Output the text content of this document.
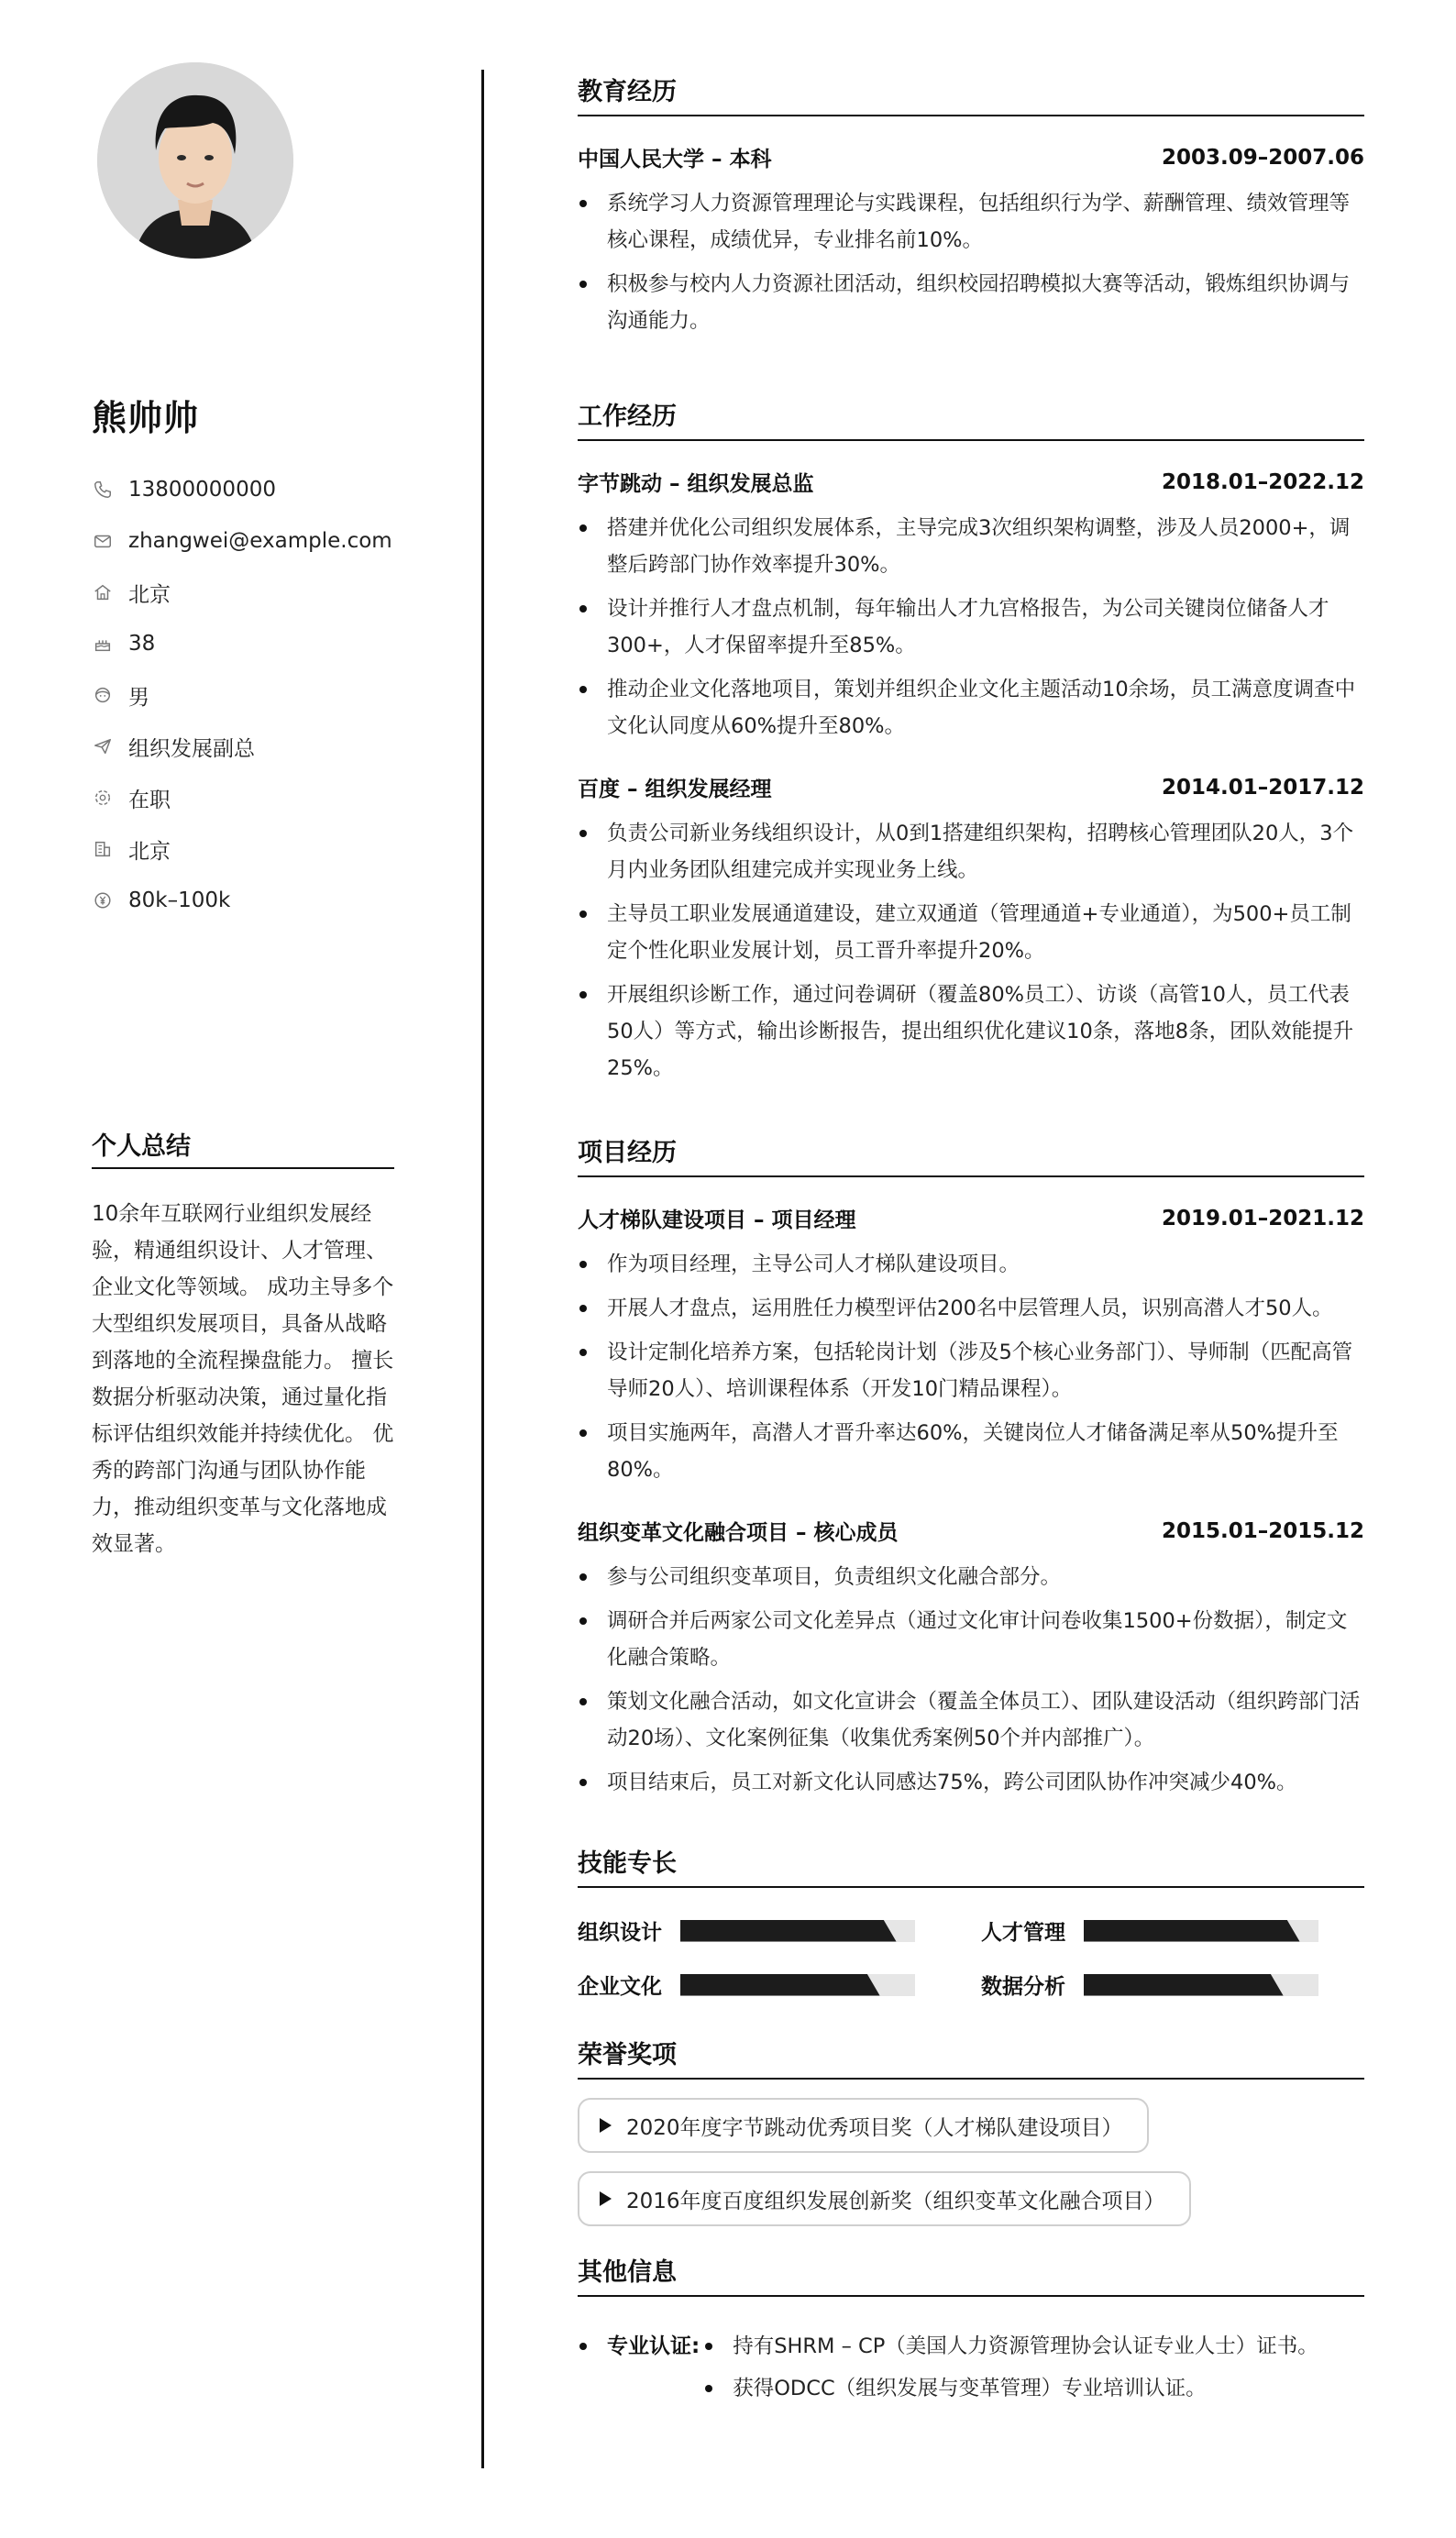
熊帅帅
13800000000
zhangwei@example.com
北京
38
男
组织发展副总
在职
北京
80k–100k
个人总结
10余年互联网行业组织发展经验，精通组织设计、人才管理、企业文化等领域。 成功主导多个大型组织发展项目，具备从战略到落地的全流程操盘能力。 擅长数据分析驱动决策，通过量化指标评估组织效能并持续优化。 优秀的跨部门沟通与团队协作能力，推动组织变革与文化落地成效显著。
教育经历
中国人民大学 – 本科	2003.09–2007.06
系统学习人力资源管理理论与实践课程，包括组织行为学、薪酬管理、绩效管理等核心课程，成绩优异，专业排名前10%。
积极参与校内人力资源社团活动，组织校园招聘模拟大赛等活动，锻炼组织协调与沟通能力。
工作经历
字节跳动 – 组织发展总监	2018.01–2022.12
搭建并优化公司组织发展体系，主导完成3次组织架构调整，涉及人员2000+，调整后跨部门协作效率提升30%。
设计并推行人才盘点机制，每年输出人才九宫格报告，为公司关键岗位储备人才300+，人才保留率提升至85%。
推动企业文化落地项目，策划并组织企业文化主题活动10余场，员工满意度调查中文化认同度从60%提升至80%。
百度 – 组织发展经理	2014.01–2017.12
负责公司新业务线组织设计，从0到1搭建组织架构，招聘核心管理团队20人，3个月内业务团队组建完成并实现业务上线。
主导员工职业发展通道建设，建立双通道（管理通道+专业通道），为500+员工制定个性化职业发展计划，员工晋升率提升20%。
开展组织诊断工作，通过问卷调研（覆盖80%员工）、访谈（高管10人，员工代表50人）等方式，输出诊断报告，提出组织优化建议10条，落地8条，团队效能提升25%。
项目经历
人才梯队建设项目 – 项目经理	2019.01–2021.12
作为项目经理，主导公司人才梯队建设项目。
开展人才盘点，运用胜任力模型评估200名中层管理人员，识别高潜人才50人。
设计定制化培养方案，包括轮岗计划（涉及5个核心业务部门）、导师制（匹配高管导师20人）、培训课程体系（开发10门精品课程）。
项目实施两年，高潜人才晋升率达60%，关键岗位人才储备满足率从50%提升至80%。
组织变革文化融合项目 – 核心成员	2015.01–2015.12
参与公司组织变革项目，负责组织文化融合部分。
调研合并后两家公司文化差异点（通过文化审计问卷收集1500+份数据），制定文化融合策略。
策划文化融合活动，如文化宣讲会（覆盖全体员工）、团队建设活动（组织跨部门活动20场）、文化案例征集（收集优秀案例50个并内部推广）。
项目结束后，员工对新文化认同感达75%，跨公司团队协作冲突减少40%。
技能专长
组织设计	人才管理
企业文化	数据分析
荣誉奖项
2020年度字节跳动优秀项目奖（人才梯队建设项目）
2016年度百度组织发展创新奖（组织变革文化融合项目）
其他信息
专业认证:	持有SHRM – CP（美国人力资源管理协会认证专业人士）证书。
获得ODCC（组织发展与变革管理）专业培训认证。
